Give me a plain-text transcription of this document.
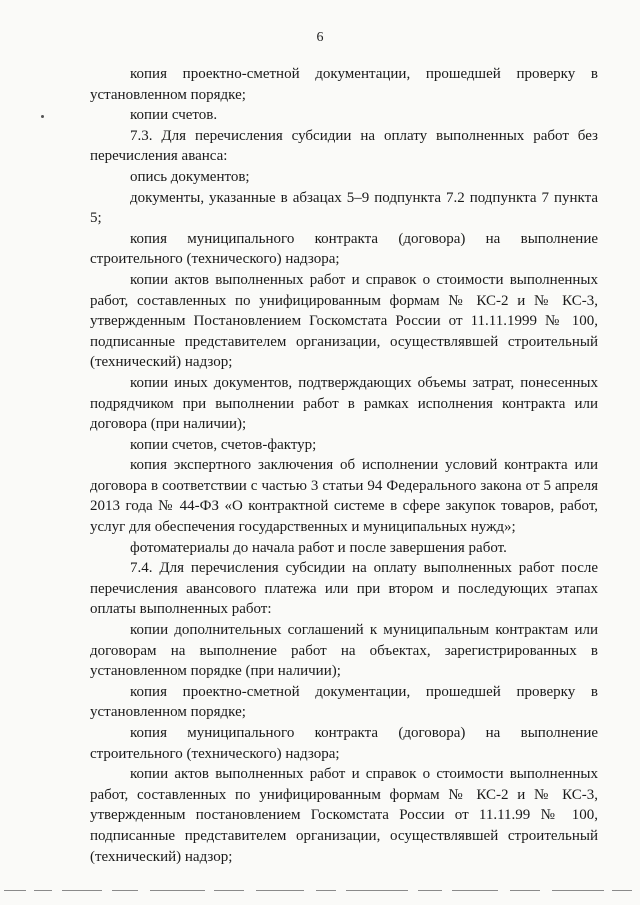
6

копия проектно-сметной документации, прошедшей проверку в установленном порядке;

копии счетов.

7.3. Для перечисления субсидии на оплату выполненных работ без перечисления аванса:

опись документов;

документы, указанные в абзацах 5–9 подпункта 7.2 подпункта 7 пункта 5;

копия муниципального контракта (договора) на выполнение строительного (технического) надзора;

копии актов выполненных работ и справок о стоимости выполненных работ, составленных по унифицированным формам № КС-2 и № КС-3, утвержденным Постановлением Госкомстата России от 11.11.1999 № 100, подписанные представителем организации, осуществлявшей строительный (технический) надзор;

копии иных документов, подтверждающих объемы затрат, понесенных подрядчиком при выполнении работ в рамках исполнения контракта или договора (при наличии);

копии счетов, счетов-фактур;

копия экспертного заключения об исполнении условий контракта или договора в соответствии с частью 3 статьи 94 Федерального закона от 5 апреля 2013 года № 44-ФЗ «О контрактной системе в сфере закупок товаров, работ, услуг для обеспечения государственных и муниципальных нужд»;

фотоматериалы до начала работ и после завершения работ.

7.4. Для перечисления субсидии на оплату выполненных работ после перечисления авансового платежа или при втором и последующих этапах оплаты выполненных работ:

копии дополнительных соглашений к муниципальным контрактам или договорам на выполнение работ на объектах, зарегистрированных в установленном порядке (при наличии);

копия проектно-сметной документации, прошедшей проверку в установленном порядке;

копия муниципального контракта (договора) на выполнение строительного (технического) надзора;

копии актов выполненных работ и справок о стоимости выполненных работ, составленных по унифицированным формам № КС-2 и № КС-3, утвержденным постановлением Госкомстата России от 11.11.99 № 100, подписанные представителем организации, осуществлявшей строительный (технический) надзор;
